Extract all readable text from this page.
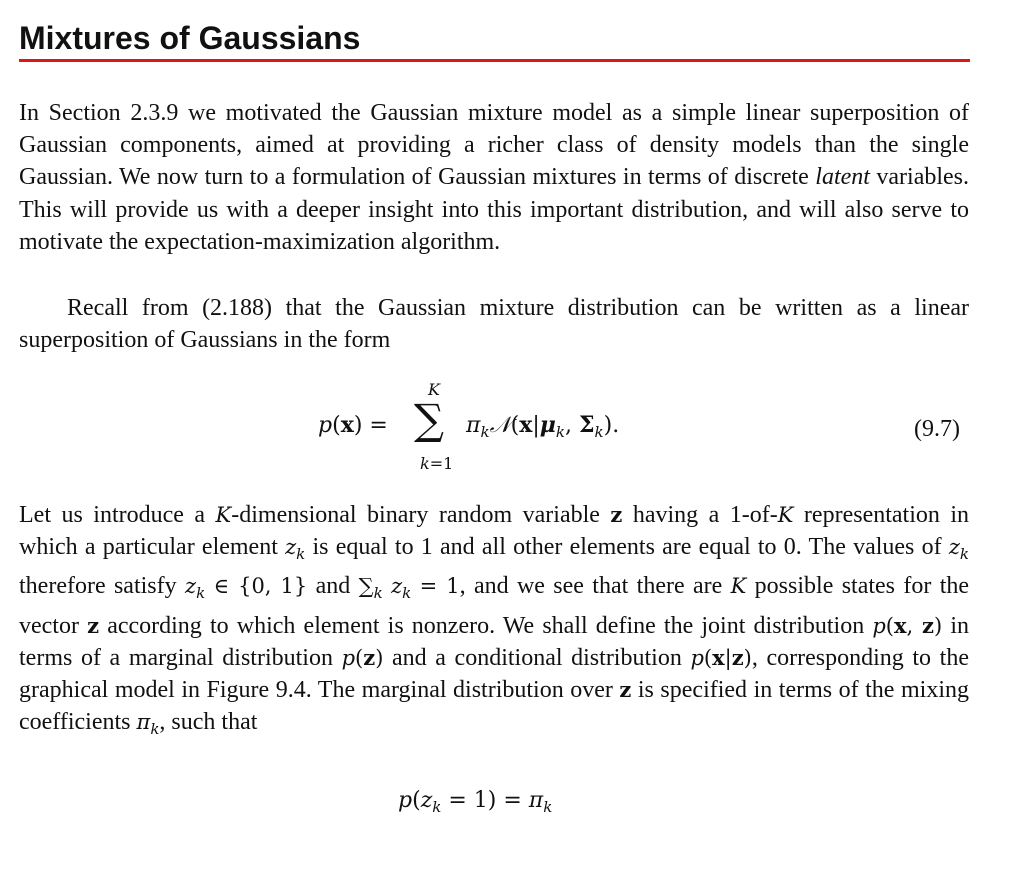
Mixtures of Gaussians

In Section 2.3.9 we motivated the Gaussian mixture model as a simple linear superposition of Gaussian components, aimed at providing a richer class of density models than the single Gaussian. We now turn to a formulation of Gaussian mixtures in terms of discrete latent variables. This will provide us with a deeper insight into this important distribution, and will also serve to motivate the expectation-maximization algorithm.

Recall from (2.188) that the Gaussian mixture distribution can be written as a linear superposition of Gaussians in the form

p(x) =
K
∑
k=1
$\pi_k𝒩(x|\mu_k$, $\Sigma_k$).	(9.7)

Let us introduce a K-dimensional binary random variable z having a 1-of-K representation in which a particular element $z_k$ is equal to 1 and all other elements are equal to 0. The values of $z_k$ therefore satisfy $z_k$ ∈ {0, 1} and $\sum_k$ $z_k = 1$, and we see that there are K possible states for the vector z according to which element is nonzero. We shall define the joint distribution p(x, z) in terms of a marginal distribution p(z) and a conditional distribution p(x|z), corresponding to the graphical model in Figure 9.4. The marginal distribution over z is specified in terms of the mixing coefficients $\pi_k$, such that

$p(z_k = 1) = \pi_k$
